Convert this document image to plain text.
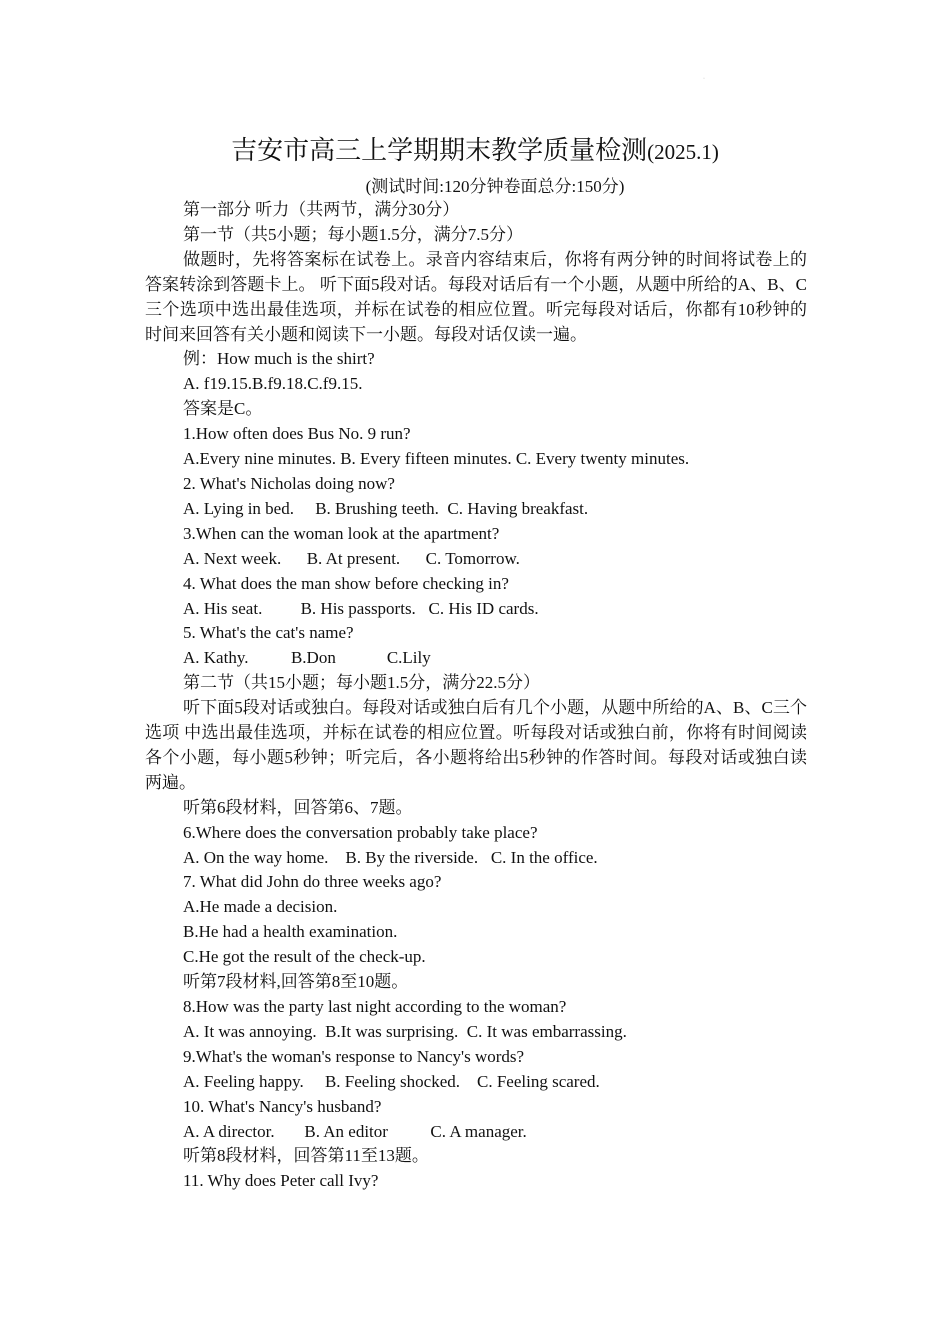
·
吉安市高三上学期期末教学质量检测(2025.1)
(测试时间:120分钟卷面总分:150分)

第一部分 听力（共两节，满分30分）

第一节（共5小题；每小题1.5分，满分7.5分）

做题时，先将答案标在试卷上。录音内容结束后，你将有两分钟的时间将试卷上的答案转涂到答题卡上。 听下面5段对话。每段对话后有一个小题，从题中所给的A、B、C三个选项中选出最佳选项，并标在试卷的相应位置。听完每段对话后，你都有10秒钟的时间来回答有关小题和阅读下一小题。每段对话仅读一遍。

例：How much is the shirt?

A. f19.15.B.f9.18.C.f9.15.

答案是C。

1.How often does Bus No. 9 run?

A.Every nine minutes. B. Every fifteen minutes. C. Every twenty minutes.

2. What's Nicholas doing now?

A. Lying in bed.     B. Brushing teeth.  C. Having breakfast.

3.When can the woman look at the apartment?

A. Next week.      B. At present.      C. Tomorrow.

4. What does the man show before checking in?

A. His seat.         B. His passports.   C. His ID cards.

5. What's the cat's name?

A. Kathy.          B.Don            C.Lily

第二节（共15小题；每小题1.5分，满分22.5分）

听下面5段对话或独白。每段对话或独白后有几个小题，从题中所给的A、B、C三个选项 中选出最佳选项，并标在试卷的相应位置。听每段对话或独白前，你将有时间阅读各个小题，每小题5秒钟；听完后，各小题将给出5秒钟的作答时间。每段对话或独白读两遍。

听第6段材料，回答第6、7题。

6.Where does the conversation probably take place?

A. On the way home.    B. By the riverside.   C. In the office.

7. What did John do three weeks ago?

A.He made a decision.

B.He had a health examination.

C.He got the result of the check-up.

听第7段材料,回答第8至10题。

8.How was the party last night according to the woman?

A. It was annoying.  B.It was surprising.  C. It was embarrassing.

9.What's the woman's response to Nancy's words?

A. Feeling happy.     B. Feeling shocked.    C. Feeling scared.

10. What's Nancy's husband?

A. A director.       B. An editor          C. A manager.

听第8段材料，回答第11至13题。

11. Why does Peter call Ivy?
